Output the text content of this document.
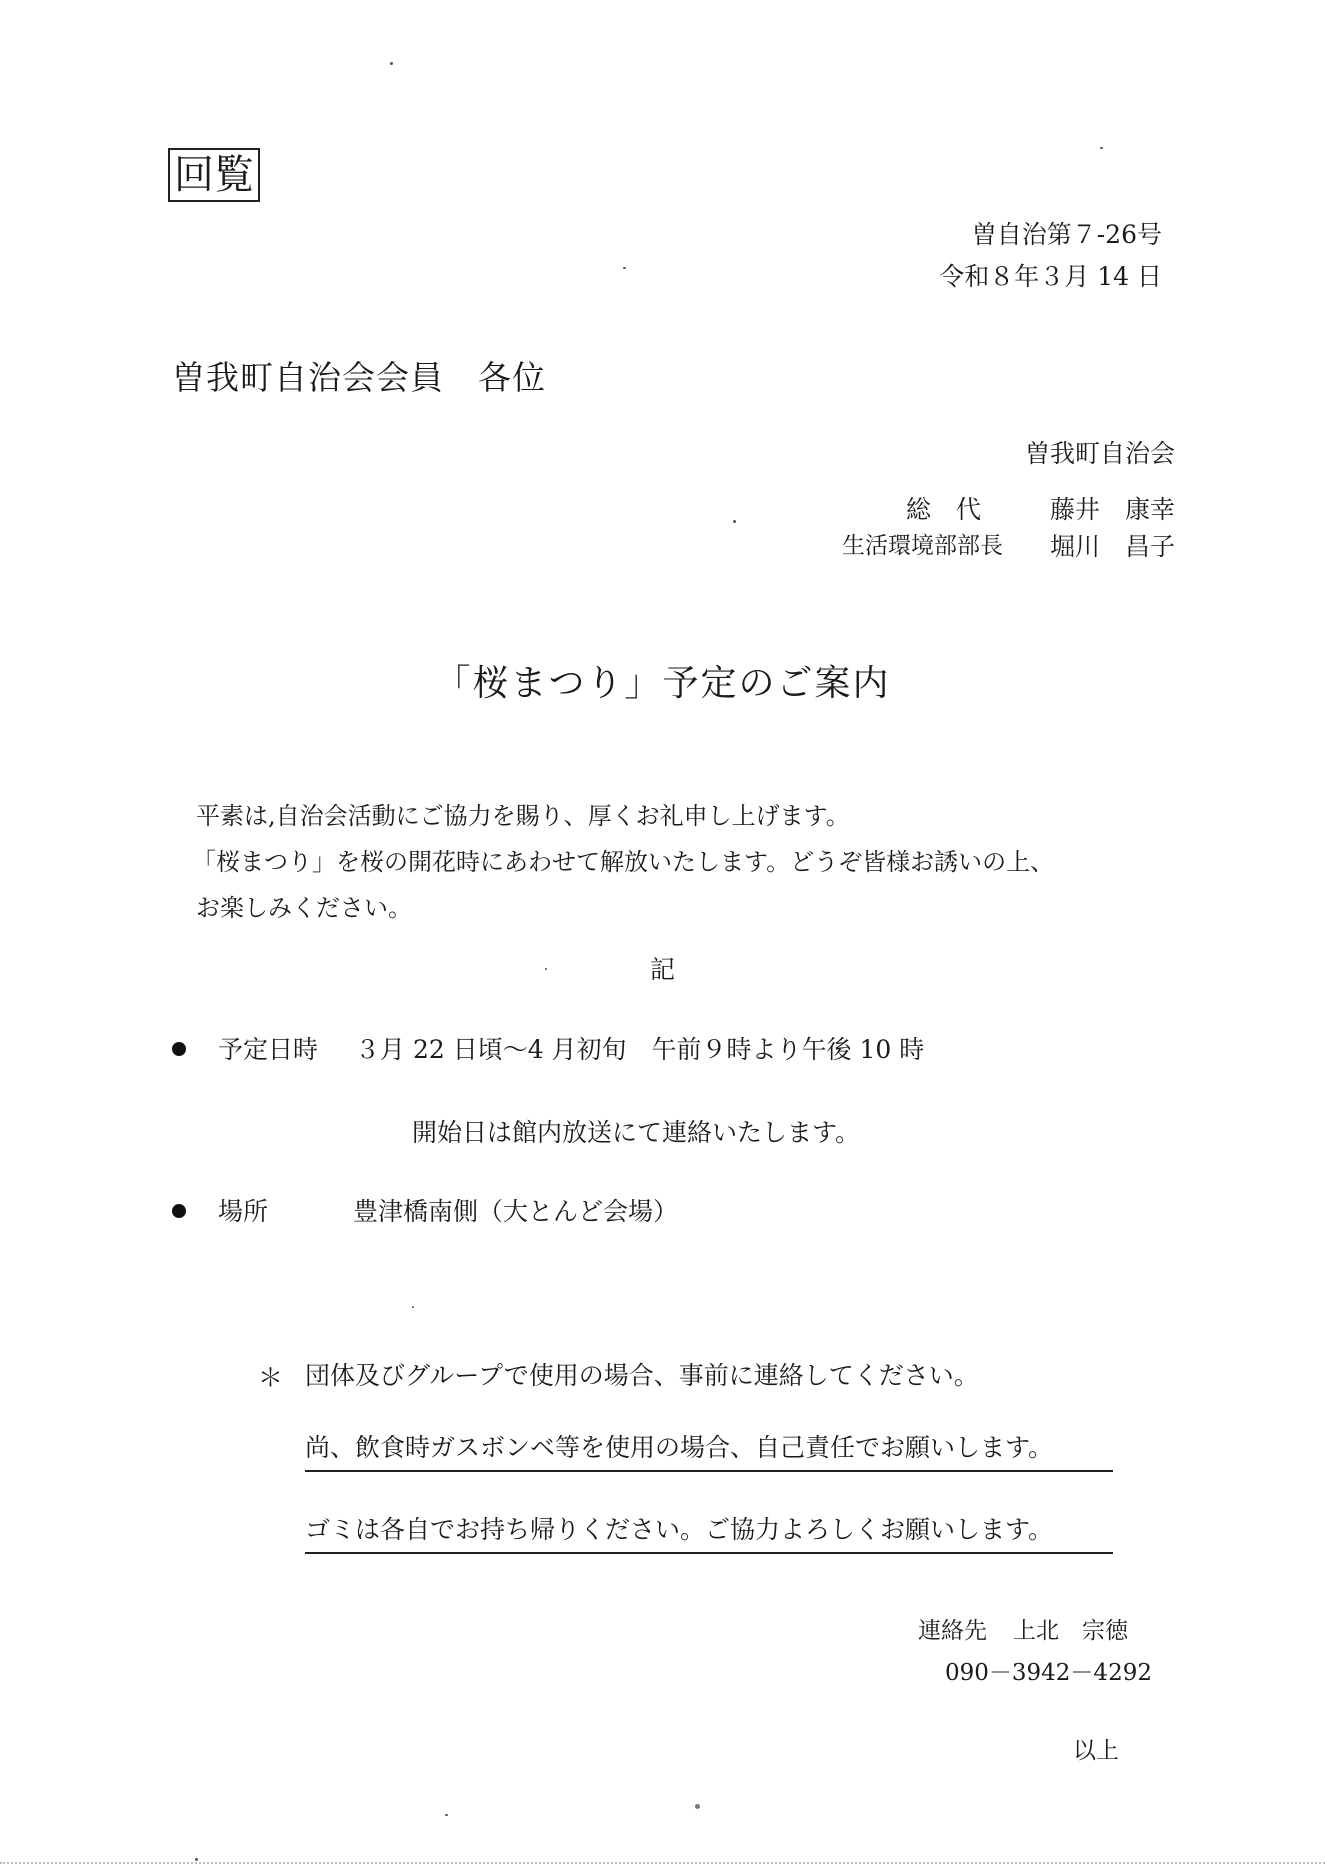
回覧
曽自治第７-26号
令和８年３月 14 日
曽我町自治会会員　各位
曽我町自治会
総　代	藤井　康幸
生活環境部部長 堀川　昌子
「桜まつり」予定のご案内
平素は,自治会活動にご協力を賜り、厚くお礼申し上げます。
「桜まつり」を桜の開花時にあわせて解放いたします。どうぞ皆様お誘いの上、
お楽しみください。
記
予定日時 ３月 22 日頃～4 月初旬　午前９時より午後 10 時
開始日は館内放送にて連絡いたします。
場所	豊津橋南側（大とんど会場）
＊ 団体及びグループで使用の場合、事前に連絡してください。
尚、飲食時ガスボンベ等を使用の場合、自己責任でお願いします。
ゴミは各自でお持ち帰りください。ご協力よろしくお願いします。
連絡先 上北　宗徳
090－3942－4292
以上
